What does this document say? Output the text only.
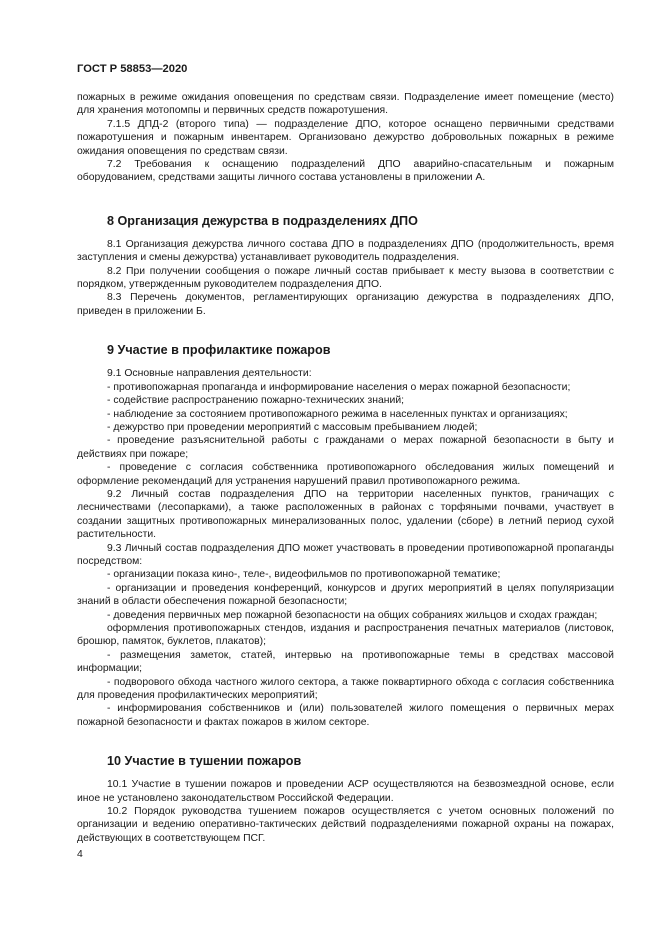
ГОСТ Р 58853—2020

пожарных в режиме ожидания оповещения по средствам связи. Подразделение имеет помещение (место) для хранения мотопомпы и первичных средств пожаротушения.

7.1.5 ДПД-2 (второго типа) — подразделение ДПО, которое оснащено первичными средствами пожаротушения и пожарным инвентарем. Организовано дежурство добровольных пожарных в режиме ожидания оповещения по средствам связи.

7.2 Требования к оснащению подразделений ДПО аварийно-спасательным и пожарным оборудованием, средствами защиты личного состава установлены в приложении А.

8 Организация дежурства в подразделениях ДПО

8.1 Организация дежурства личного состава ДПО в подразделениях ДПО (продолжительность, время заступления и смены дежурства) устанавливает руководитель подразделения.

8.2 При получении сообщения о пожаре личный состав прибывает к месту вызова в соответствии с порядком, утвержденным руководителем подразделения ДПО.

8.3 Перечень документов, регламентирующих организацию дежурства в подразделениях ДПО, приведен в приложении Б.

9 Участие в профилактике пожаров

9.1 Основные направления деятельности:

- противопожарная пропаганда и информирование населения о мерах пожарной безопасности;

- содействие распространению пожарно-технических знаний;

- наблюдение за состоянием противопожарного режима в населенных пунктах и организациях;

- дежурство при проведении мероприятий с массовым пребыванием людей;

- проведение разъяснительной работы с гражданами о мерах пожарной безопасности в быту и действиях при пожаре;

- проведение с согласия собственника противопожарного обследования жилых помещений и оформление рекомендаций для устранения нарушений правил противопожарного режима.

9.2 Личный состав подразделения ДПО на территории населенных пунктов, граничащих с лесничествами (лесопарками), а также расположенных в районах с торфяными почвами, участвует в создании защитных противопожарных минерализованных полос, удалении (сборе) в летний период сухой растительности.

9.3 Личный состав подразделения ДПО может участвовать в проведении противопожарной пропаганды посредством:

- организации показа кино-, теле-, видеофильмов по противопожарной тематике;

- организации и проведения конференций, конкурсов и других мероприятий в целях популяризации знаний в области обеспечения пожарной безопасности;

- доведения первичных мер пожарной безопасности на общих собраниях жильцов и сходах граждан;

оформления противопожарных стендов, издания и распространения печатных материалов (листовок, брошюр, памяток, буклетов, плакатов);

- размещения заметок, статей, интервью на противопожарные темы в средствах массовой информации;

- подворового обхода частного жилого сектора, а также поквартирного обхода с согласия собственника для проведения профилактических мероприятий;

- информирования собственников и (или) пользователей жилого помещения о первичных мерах пожарной безопасности и фактах пожаров в жилом секторе.

10 Участие в тушении пожаров

10.1 Участие в тушении пожаров и проведении АСР осуществляются на безвозмездной основе, если иное не установлено законодательством Российской Федерации.

10.2 Порядок руководства тушением пожаров осуществляется с учетом основных положений по организации и ведению оперативно-тактических действий подразделениями пожарной охраны на пожарах, действующих в соответствующем ПСГ.

4
